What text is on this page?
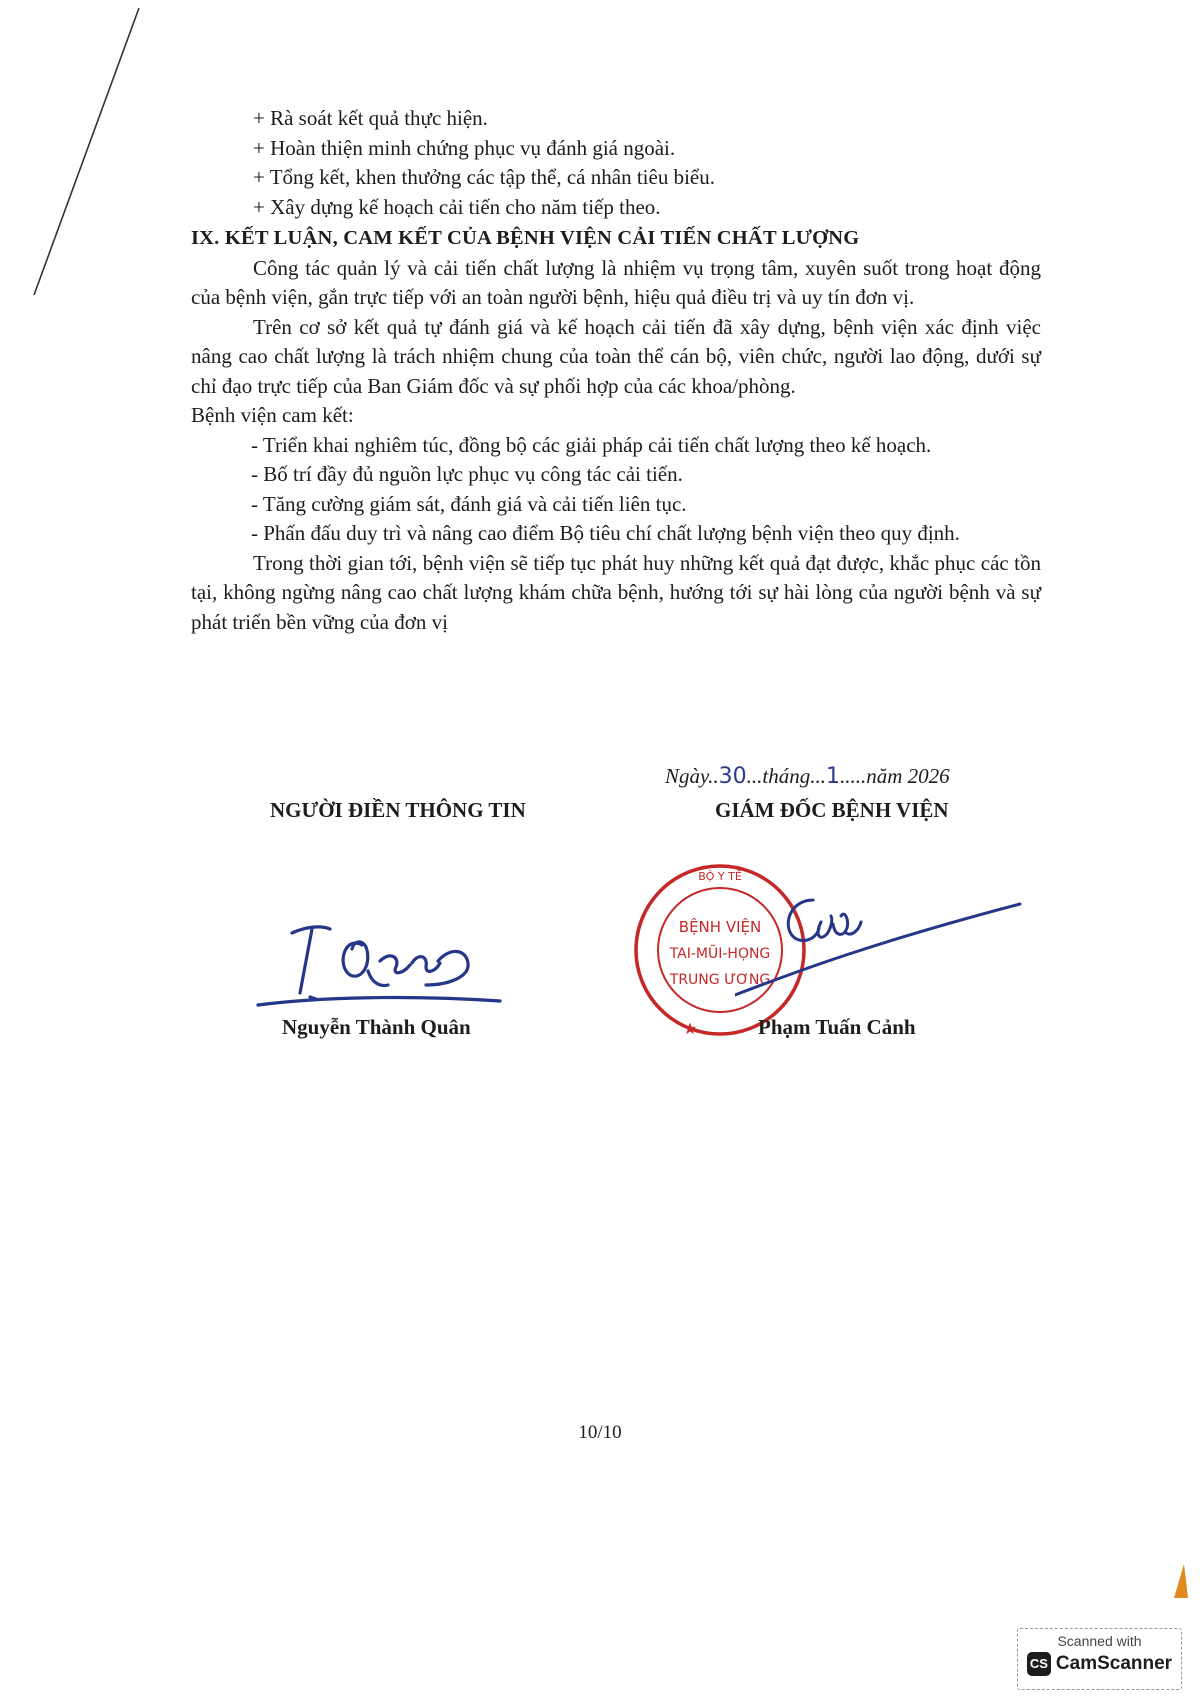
+ Rà soát kết quả thực hiện.
+ Hoàn thiện minh chứng phục vụ đánh giá ngoài.
+ Tổng kết, khen thưởng các tập thể, cá nhân tiêu biểu.
+ Xây dựng kế hoạch cải tiến cho năm tiếp theo.
IX. KẾT LUẬN, CAM KẾT CỦA BỆNH VIỆN CẢI TIẾN CHẤT LƯỢNG

Công tác quản lý và cải tiến chất lượng là nhiệm vụ trọng tâm, xuyên suốt trong hoạt động của bệnh viện, gắn trực tiếp với an toàn người bệnh, hiệu quả điều trị và uy tín đơn vị.

Trên cơ sở kết quả tự đánh giá và kế hoạch cải tiến đã xây dựng, bệnh viện xác định việc nâng cao chất lượng là trách nhiệm chung của toàn thể cán bộ, viên chức, người lao động, dưới sự chỉ đạo trực tiếp của Ban Giám đốc và sự phối hợp của các khoa/phòng.

Bệnh viện cam kết:

- Triển khai nghiêm túc, đồng bộ các giải pháp cải tiến chất lượng theo kế hoạch.
- Bố trí đầy đủ nguồn lực phục vụ công tác cải tiến.
- Tăng cường giám sát, đánh giá và cải tiến liên tục.
- Phấn đấu duy trì và nâng cao điểm Bộ tiêu chí chất lượng bệnh viện theo quy định.

Trong thời gian tới, bệnh viện sẽ tiếp tục phát huy những kết quả đạt được, khắc phục các tồn tại, không ngừng nâng cao chất lượng khám chữa bệnh, hướng tới sự hài lòng của người bệnh và sự phát triển bền vững của đơn vị

Ngày..30...tháng...1.....năm 2026
NGƯỜI ĐIỀN THÔNG TIN	GIÁM ĐỐC BỆNH VIỆN
BỆNH VIỆN
TAI-MŨI-HỌNG
TRUNG ƯƠNG
BỘ Y TẾ
★
Nguyễn Thành Quân	Phạm Tuấn Cảnh
10/10
Scanned with
CS CamScanner
